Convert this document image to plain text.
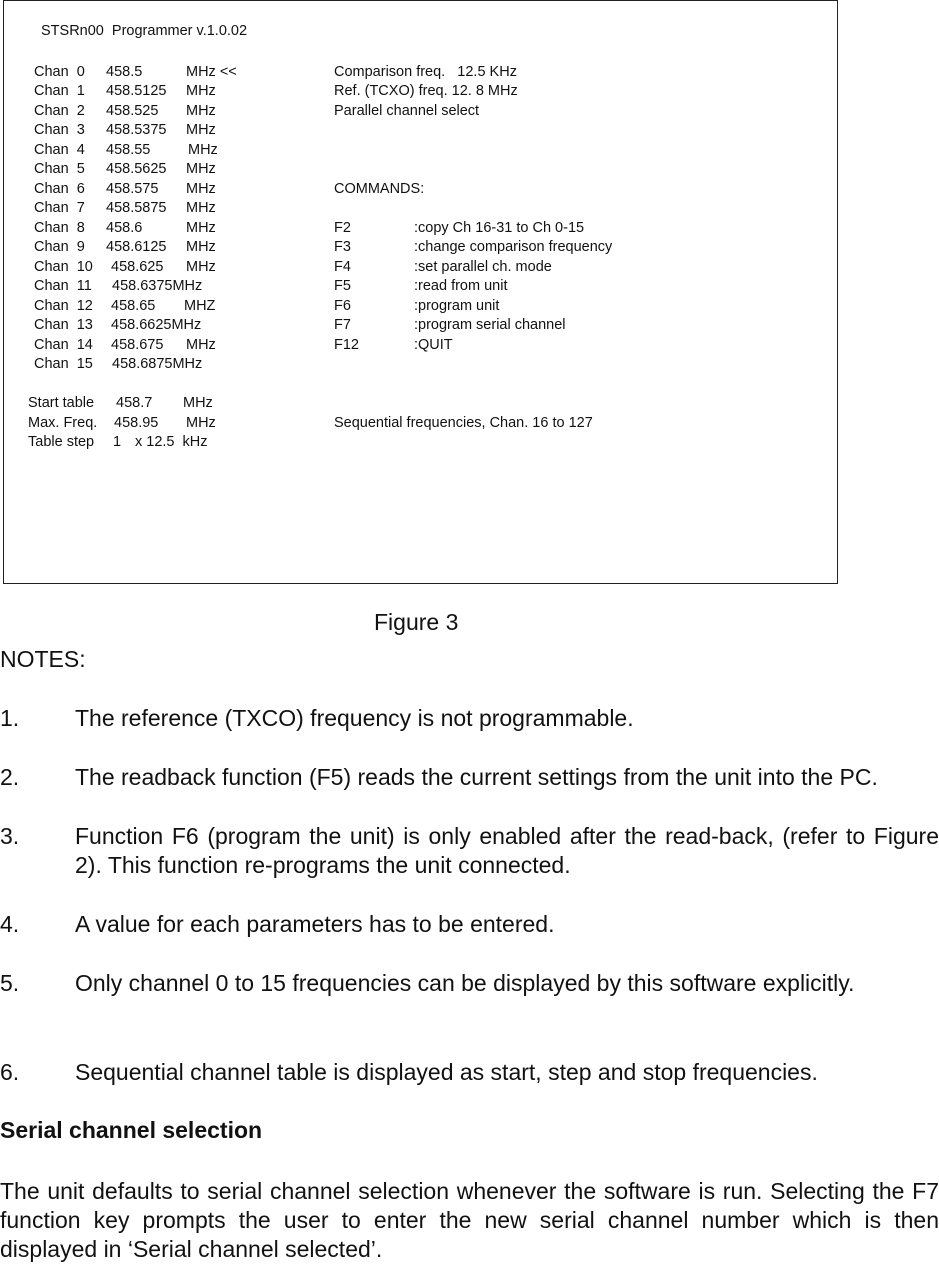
STSRn00  Programmer v.1.0.02
Chan  0 458.5	MHz <<
Chan  1 458.5125 MHz
Chan  2 458.525 MHz
Chan  3 458.5375 MHz
Chan  4 458.55	MHz
Chan  5 458.5625 MHz
Chan  6 458.575 MHz
Chan  7 458.5875 MHz
Chan  8 458.6	MHz
Chan  9 458.6125 MHz
Chan  10 458.625 MHz
Chan  11 458.6375MHz
Chan  12 458.65 MHZ
Chan  13 458.6625MHz
Chan  14 458.675 MHz
Chan  15 458.6875MHz
Comparison freq.   12.5 KHz
Ref. (TCXO) freq. 12. 8 MHz
Parallel channel select
COMMANDS:
F2	:copy Ch 16-31 to Ch 0-15
F3	:change comparison frequency
F4	:set parallel ch. mode
F5	:read from unit
F6	:program unit
F7	:program serial channel
F12	:QUIT
Start table 458.7 MHz
Max. Freq. 458.95 MHz
Table step 1 x 12.5  kHz
Sequential frequencies, Chan. 16 to 127
Figure 3
NOTES:
1. The reference (TXCO) frequency is not programmable.
2. The readback function (F5) reads the current settings from the unit into the PC.
3. Function F6 (program the unit) is only enabled after the read-back, (refer to Figure 2). This function re-programs the unit connected.
4. A value for each parameters has to be entered.
5. Only channel 0 to 15 frequencies can be displayed by this software explicitly.
6. Sequential channel table is displayed as start, step and stop frequencies.
Serial channel selection
The unit defaults to serial channel selection whenever the software is run. Selecting the F7 function key prompts the user to enter the new serial channel number which is then displayed in ‘Serial channel selected’.
